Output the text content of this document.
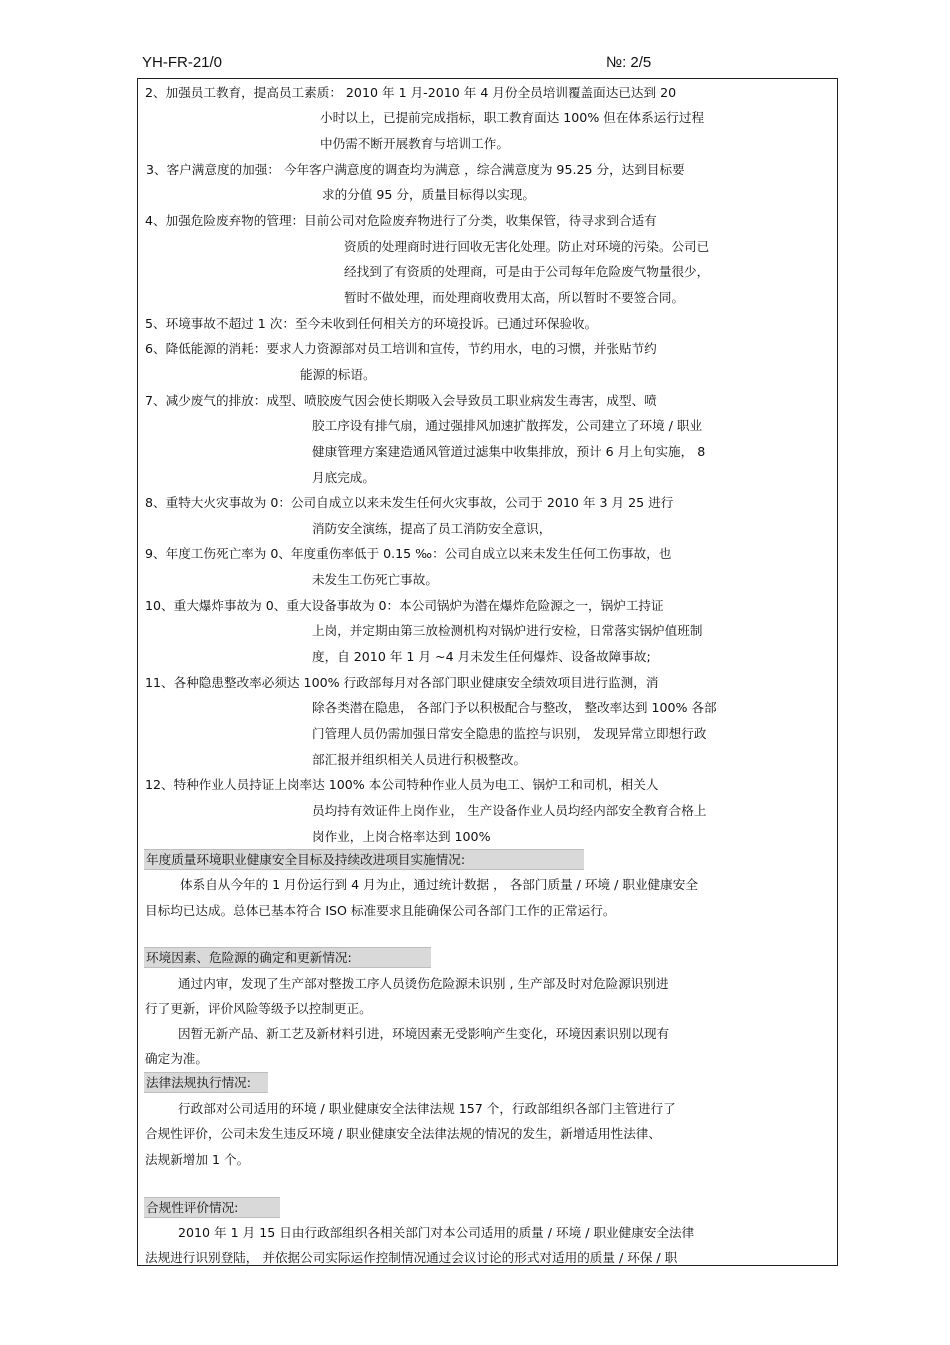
YH-FR-21/0	№: 2/5
2、加强员工教育，提高员工素质： 2010 年 1 月-2010 年 4 月份全员培训覆盖面达已达到 20
小时以上，已提前完成指标，职工教育面达 100% 但在体系运行过程
中仍需不断开展教育与培训工作。
3、客户满意度的加强： 今年客户满意度的调查均为满意 ，综合满意度为 95.25 分，达到目标要
求的分值 95 分，质量目标得以实现。
4、加强危险废弃物的管理：目前公司对危险废弃物进行了分类，收集保管，待寻求到合适有
资质的处理商时进行回收无害化处理。防止对环境的污染。公司已
经找到了有资质的处理商，可是由于公司每年危险废气物量很少，
暂时不做处理，而处理商收费用太高，所以暂时不要签合同。
5、环境事故不超过 1 次：至今未收到任何相关方的环境投诉。已通过环保验收。
6、降低能源的消耗：要求人力资源部对员工培训和宣传，节约用水，电的习惯，并张贴节约
能源的标语。
7、减少废气的排放：成型、喷胶废气因会使长期吸入会导致员工职业病发生毒害，成型、喷
胶工序设有排气扇，通过强排风加速扩散挥发，公司建立了环境 / 职业
健康管理方案建造通风管道过滤集中收集排放，预计 6 月上旬实施， 8
月底完成。
8、重特大火灾事故为 0：公司自成立以来未发生任何火灾事故，公司于 2010 年 3 月 25 进行
消防安全演练，提高了员工消防安全意识，
9、年度工伤死亡率为 0、年度重伤率低于 0.15 ‰：公司自成立以来未发生任何工伤事故，也
未发生工伤死亡事故。
10、重大爆炸事故为 0、重大设备事故为 0：本公司锅炉为潜在爆炸危险源之一，锅炉工持证
上岗，并定期由第三放检测机构对锅炉进行安检，日常落实锅炉值班制
度，自 2010 年 1 月 ~4 月未发生任何爆炸、设备故障事故;
11、各种隐患整改率必须达 100% 行政部每月对各部门职业健康安全绩效项目进行监测，消
除各类潜在隐患， 各部门予以积极配合与整改， 整改率达到 100% 各部
门管理人员仍需加强日常安全隐患的监控与识别， 发现异常立即想行政
部汇报并组织相关人员进行积极整改。
12、特种作业人员持证上岗率达 100% 本公司特种作业人员为电工、锅炉工和司机，相关人
员均持有效证件上岗作业， 生产设备作业人员均经内部安全教育合格上
岗作业，上岗合格率达到 100%
年度质量环境职业健康安全目标及持续改进项目实施情况:
体系自从今年的 1 月份运行到 4 月为止，通过统计数据 ， 各部门质量 / 环境 / 职业健康安全
目标均已达成。总体已基本符合 ISO 标准要求且能确保公司各部门工作的正常运行。
环境因素、危险源的确定和更新情况:
通过内审，发现了生产部对整拨工序人员烫伤危险源未识别 , 生产部及时对危险源识别进
行了更新，评价风险等级予以控制更正。
因暂无新产品、新工艺及新材料引进，环境因素无受影响产生变化，环境因素识别以现有
确定为准。
法律法规执行情况:
行政部对公司适用的环境 / 职业健康安全法律法规 157 个，行政部组织各部门主管进行了
合规性评价，公司未发生违反环境 / 职业健康安全法律法规的情况的发生，新增适用性法律、
法规新增加 1 个。
合规性评价情况:
2010 年 1 月 15 日由行政部组织各相关部门对本公司适用的质量 / 环境 / 职业健康安全法律
法规进行识别登陆， 并依据公司实际运作控制情况通过会议讨论的形式对适用的质量 / 环保 / 职
